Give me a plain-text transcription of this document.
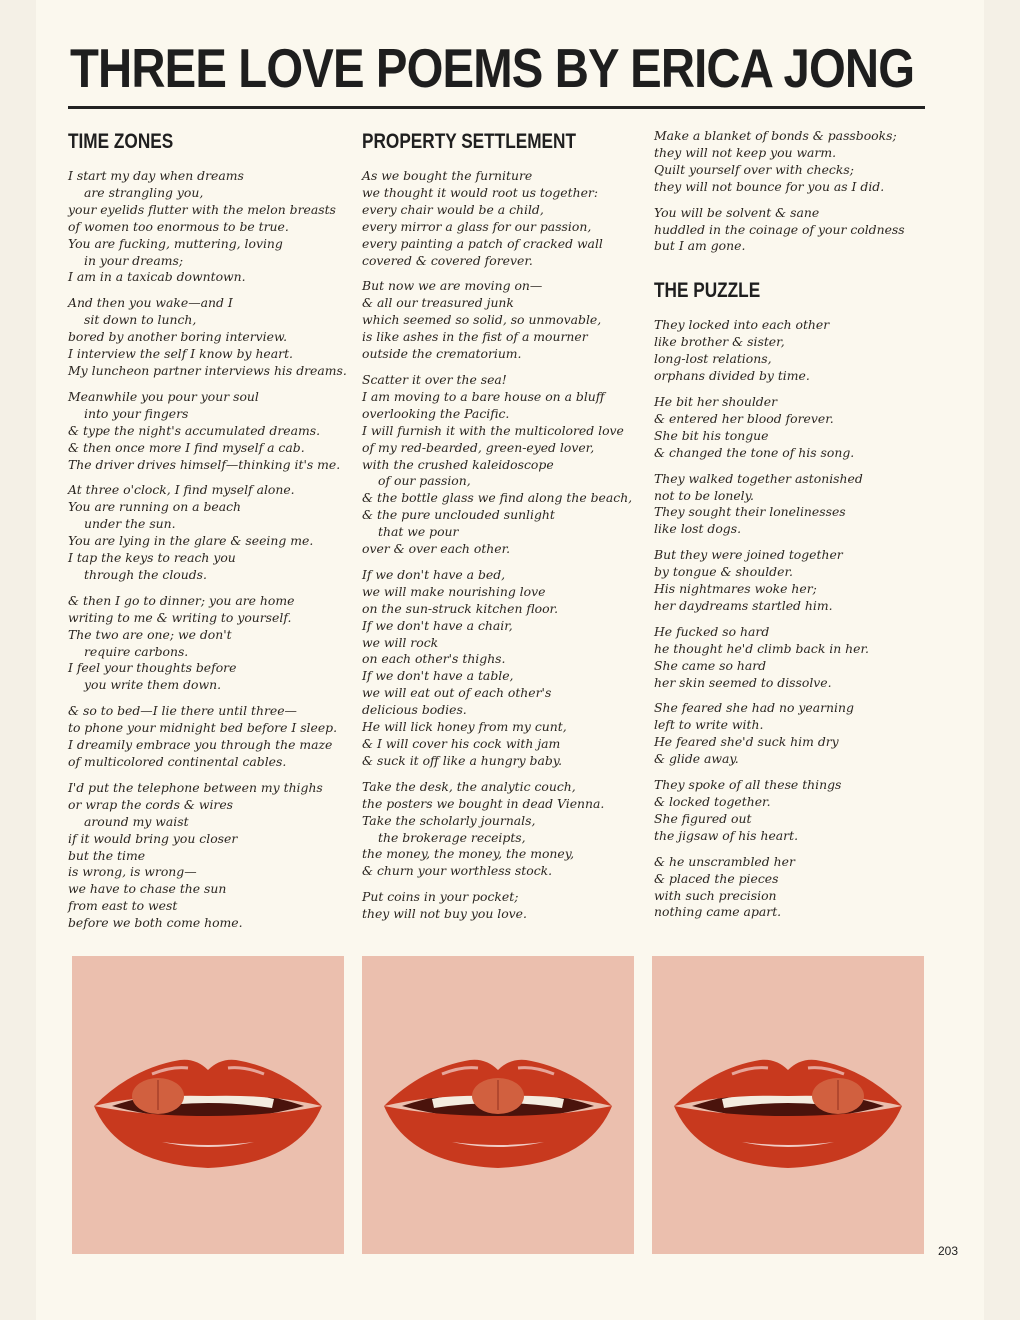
THREE LOVE POEMS BY ERICA JONG
TIME ZONES
I start my day when dreams
are strangling you,
your eyelids flutter with the melon breasts
of women too enormous to be true.
You are fucking, muttering, loving
in your dreams;
I am in a taxicab downtown.
And then you wake—and I
sit down to lunch,
bored by another boring interview.
I interview the self I know by heart.
My luncheon partner interviews his dreams.
Meanwhile you pour your soul
into your fingers
& type the night's accumulated dreams.
& then once more I find myself a cab.
The driver drives himself—thinking it's me.
At three o'clock, I find myself alone.
You are running on a beach
under the sun.
You are lying in the glare & seeing me.
I tap the keys to reach you
through the clouds.
& then I go to dinner; you are home
writing to me & writing to yourself.
The two are one; we don't
require carbons.
I feel your thoughts before
you write them down.
& so to bed—I lie there until three—
to phone your midnight bed before I sleep.
I dreamily embrace you through the maze
of multicolored continental cables.
I'd put the telephone between my thighs
or wrap the cords & wires
around my waist
if it would bring you closer
but the time
is wrong, is wrong—
we have to chase the sun
from east to west
before we both come home.
PROPERTY SETTLEMENT
As we bought the furniture
we thought it would root us together:
every chair would be a child,
every mirror a glass for our passion,
every painting a patch of cracked wall
covered & covered forever.
But now we are moving on—
& all our treasured junk
which seemed so solid, so unmovable,
is like ashes in the fist of a mourner
outside the crematorium.
Scatter it over the sea!
I am moving to a bare house on a bluff
overlooking the Pacific.
I will furnish it with the multicolored love
of my red-bearded, green-eyed lover,
with the crushed kaleidoscope
of our passion,
& the bottle glass we find along the beach,
& the pure unclouded sunlight
that we pour
over & over each other.
If we don't have a bed,
we will make nourishing love
on the sun-struck kitchen floor.
If we don't have a chair,
we will rock
on each other's thighs.
If we don't have a table,
we will eat out of each other's
delicious bodies.
He will lick honey from my cunt,
& I will cover his cock with jam
& suck it off like a hungry baby.
Take the desk, the analytic couch,
the posters we bought in dead Vienna.
Take the scholarly journals,
the brokerage receipts,
the money, the money, the money,
& churn your worthless stock.
Put coins in your pocket;
they will not buy you love.
Make a blanket of bonds & passbooks;
they will not keep you warm.
Quilt yourself over with checks;
they will not bounce for you as I did.
You will be solvent & sane
huddled in the coinage of your coldness
but I am gone.
THE PUZZLE
They locked into each other
like brother & sister,
long-lost relations,
orphans divided by time.
He bit her shoulder
& entered her blood forever.
She bit his tongue
& changed the tone of his song.
They walked together astonished
not to be lonely.
They sought their lonelinesses
like lost dogs.
But they were joined together
by tongue & shoulder.
His nightmares woke her;
her daydreams startled him.
He fucked so hard
he thought he'd climb back in her.
She came so hard
her skin seemed to dissolve.
She feared she had no yearning
left to write with.
He feared she'd suck him dry
& glide away.
They spoke of all these things
& locked together.
She figured out
the jigsaw of his heart.
& he unscrambled her
& placed the pieces
with such precision
nothing came apart.
203
